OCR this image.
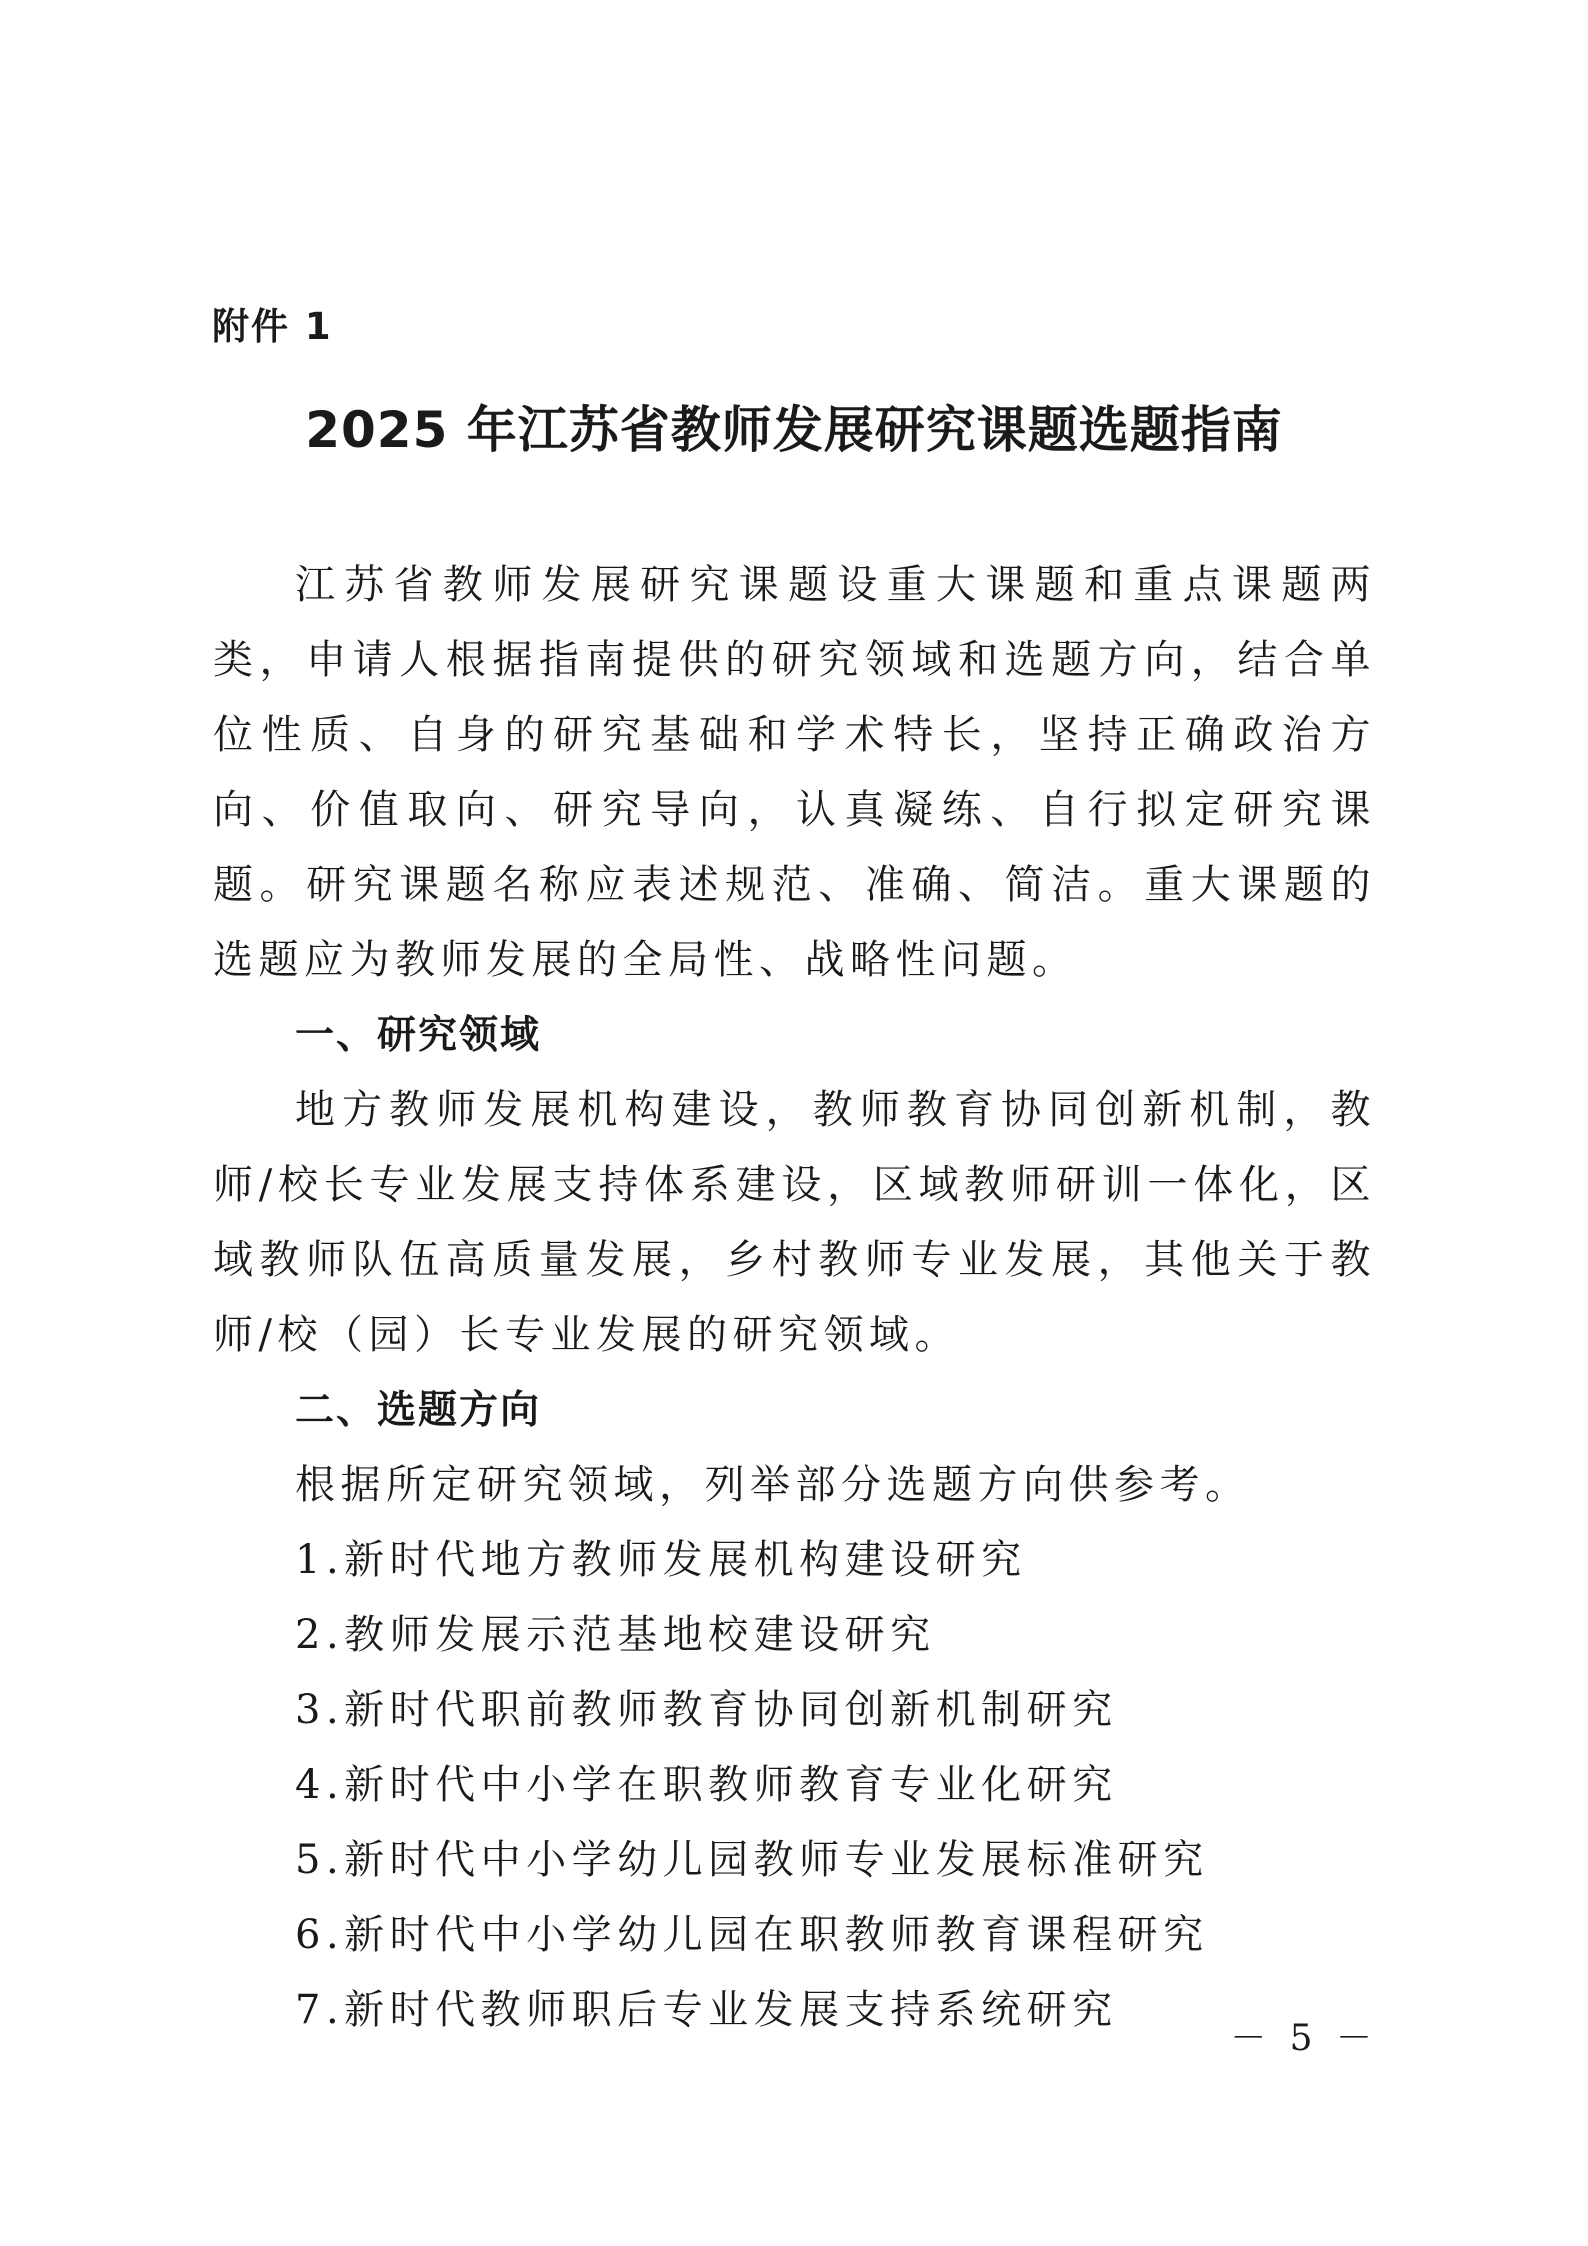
附件 1
2025 年江苏省教师发展研究课题选题指南

江苏省教师发展研究课题设重大课题和重点课题两类，申请人根据指南提供的研究领域和选题方向，结合单位性质、自身的研究基础和学术特长，坚持正确政治方向、价值取向、研究导向，认真凝练、自行拟定研究课题。研究课题名称应表述规范、准确、简洁。重大课题的选题应为教师发展的全局性、战略性问题。

一、研究领域

地方教师发展机构建设，教师教育协同创新机制，教师/校长专业发展支持体系建设，区域教师研训一体化，区域教师队伍高质量发展，乡村教师专业发展，其他关于教师/校（园）长专业发展的研究领域。

二、选题方向

根据所定研究领域，列举部分选题方向供参考。

1.新时代地方教师发展机构建设研究

2.教师发展示范基地校建设研究

3.新时代职前教师教育协同创新机制研究

4.新时代中小学在职教师教育专业化研究

5.新时代中小学幼儿园教师专业发展标准研究

6.新时代中小学幼儿园在职教师教育课程研究

7.新时代教师职后专业发展支持系统研究

－ 5 －
